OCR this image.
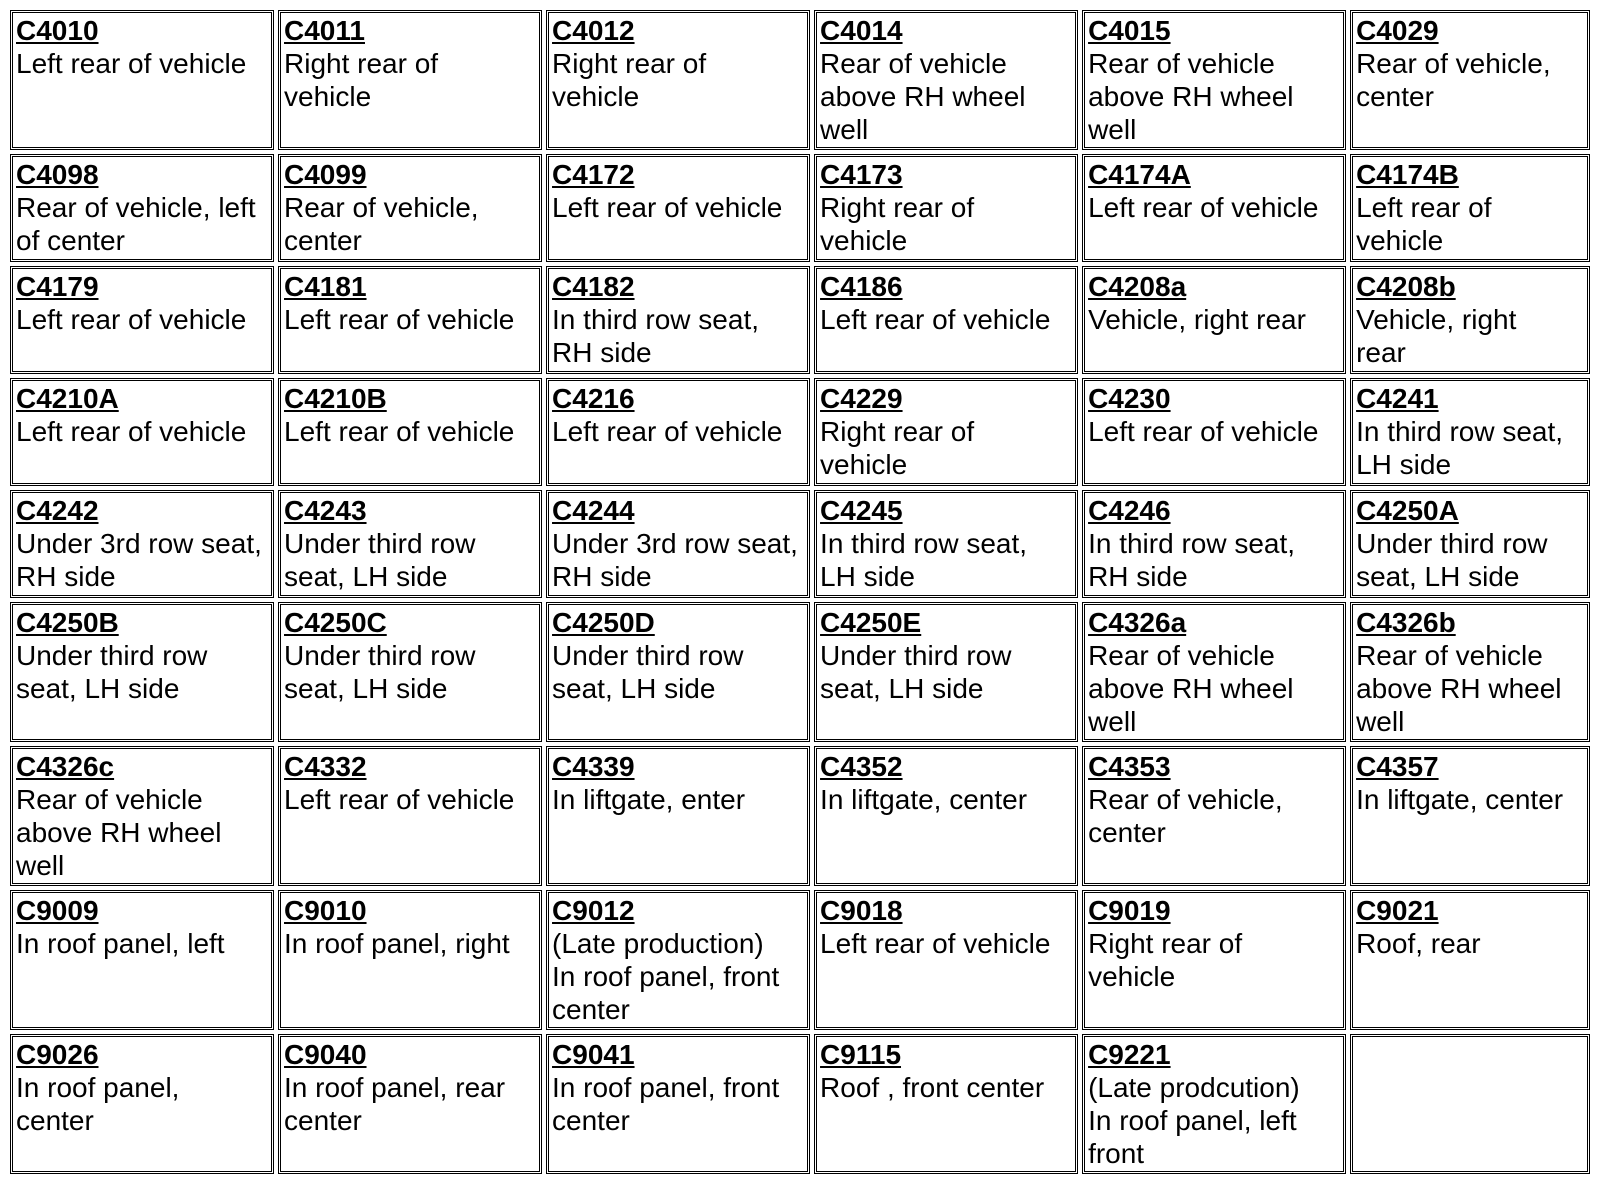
C4010
Left rear of vehicle	C4011
Right rear of
vehicle	C4012
Right rear of
vehicle	C4014
Rear of vehicle
above RH wheel
well	C4015
Rear of vehicle
above RH wheel
well	C4029
Rear of vehicle,
center

C4098
Rear of vehicle, left
of center	C4099
Rear of vehicle,
center	C4172
Left rear of vehicle	C4173
Right rear of
vehicle	C4174A
Left rear of vehicle	C4174B
Left rear of
vehicle

C4179
Left rear of vehicle	C4181
Left rear of vehicle	C4182
In third row seat,
RH side	C4186
Left rear of vehicle	C4208a
Vehicle, right rear	C4208b
Vehicle, right
rear

C4210A
Left rear of vehicle	C4210B
Left rear of vehicle	C4216
Left rear of vehicle	C4229
Right rear of
vehicle	C4230
Left rear of vehicle	C4241
In third row seat,
LH side

C4242
Under 3rd row seat,
RH side	C4243
Under third row
seat, LH side	C4244
Under 3rd row seat,
RH side	C4245
In third row seat,
LH side	C4246
In third row seat,
RH side	C4250A
Under third row
seat, LH side

C4250B
Under third row
seat, LH side	C4250C
Under third row
seat, LH side	C4250D
Under third row
seat, LH side	C4250E
Under third row
seat, LH side	C4326a
Rear of vehicle
above RH wheel
well	C4326b
Rear of vehicle
above RH wheel
well

C4326c
Rear of vehicle
above RH wheel
well	C4332
Left rear of vehicle	C4339
In liftgate, enter	C4352
In liftgate, center	C4353
Rear of vehicle,
center	C4357
In liftgate, center

C9009
In roof panel, left	C9010
In roof panel, right	C9012
(Late production)
In roof panel, front
center	C9018
Left rear of vehicle	C9019
Right rear of
vehicle	C9021
Roof, rear

C9026
In roof panel,
center	C9040
In roof panel, rear
center	C9041
In roof panel, front
center	C9115
Roof , front center	C9221
(Late prodcution)
In roof panel, left
front	
